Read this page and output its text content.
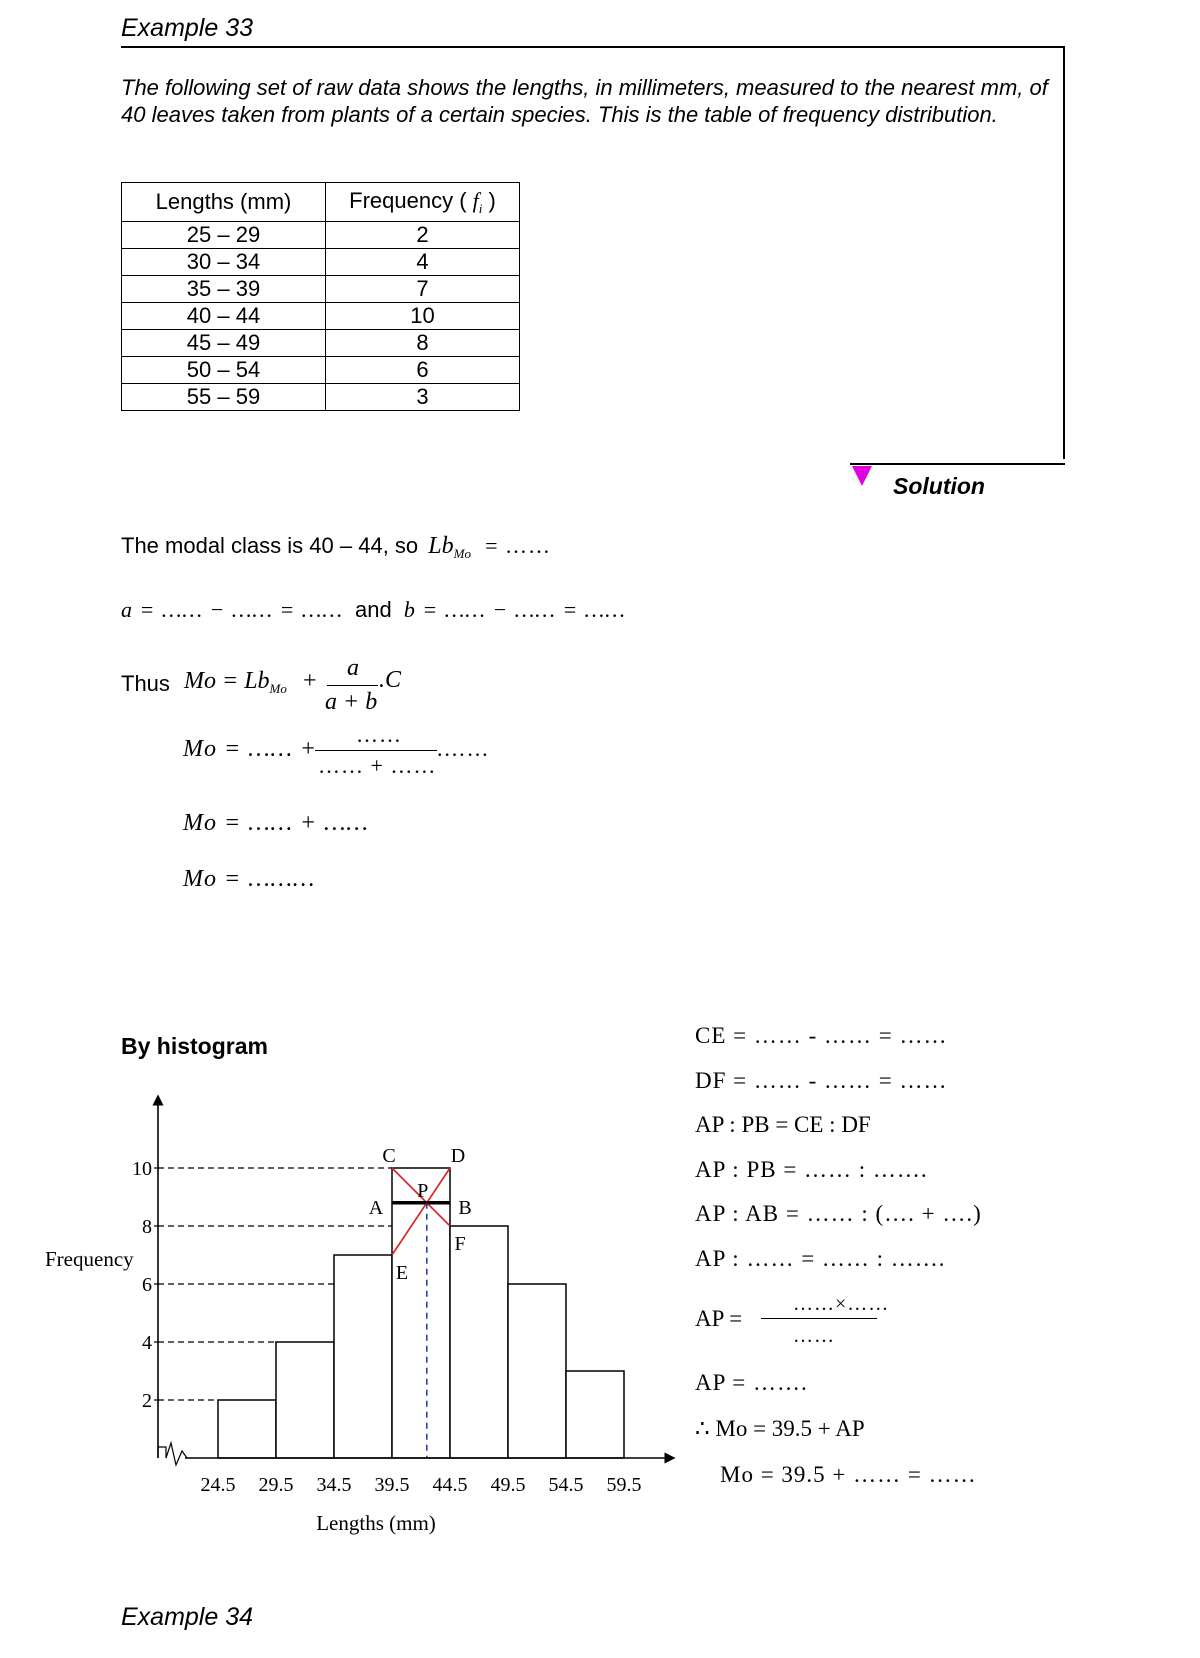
Example 33
The following set of raw data shows the lengths, in millimeters, measured to the nearest mm, of 40 leaves taken from plants of a certain species. This is the table of frequency distribution.
Lengths (mm)	Frequency ( $f_i$ )
25 – 29	2
30 – 34	4
35 – 39	7
40 – 44	10
45 – 49	8
50 – 54	6
55 – 59	3
Solution
The modal class is 40 – 44, so $Lb_{Mo}$ = ……
a = …… − …… = …… and b = …… − …… = ……
Thus $Mo = Lb_{Mo} + a$
a + b
.C
Mo = …… +
……
…… + ……
.……
Mo = …… + ……
Mo = ………
By histogram
2
4
6
8
10
C	D
A	B
P
E
F
24.5 29.5 34.5 39.5 44.5 49.5 54.5 59.5
Lengths (mm)
Frequency
CE = …… - …… = ……
DF = …… - …… = ……
AP : PB = CE : DF
AP : PB = …… : …….
AP : AB = …… : (…. + ….)
AP : …… = …… : …….
AP =
……×……
……
AP = …….
∴ Mo = 39.5 + AP
Mo = 39.5 + …… = ……
Example 34
